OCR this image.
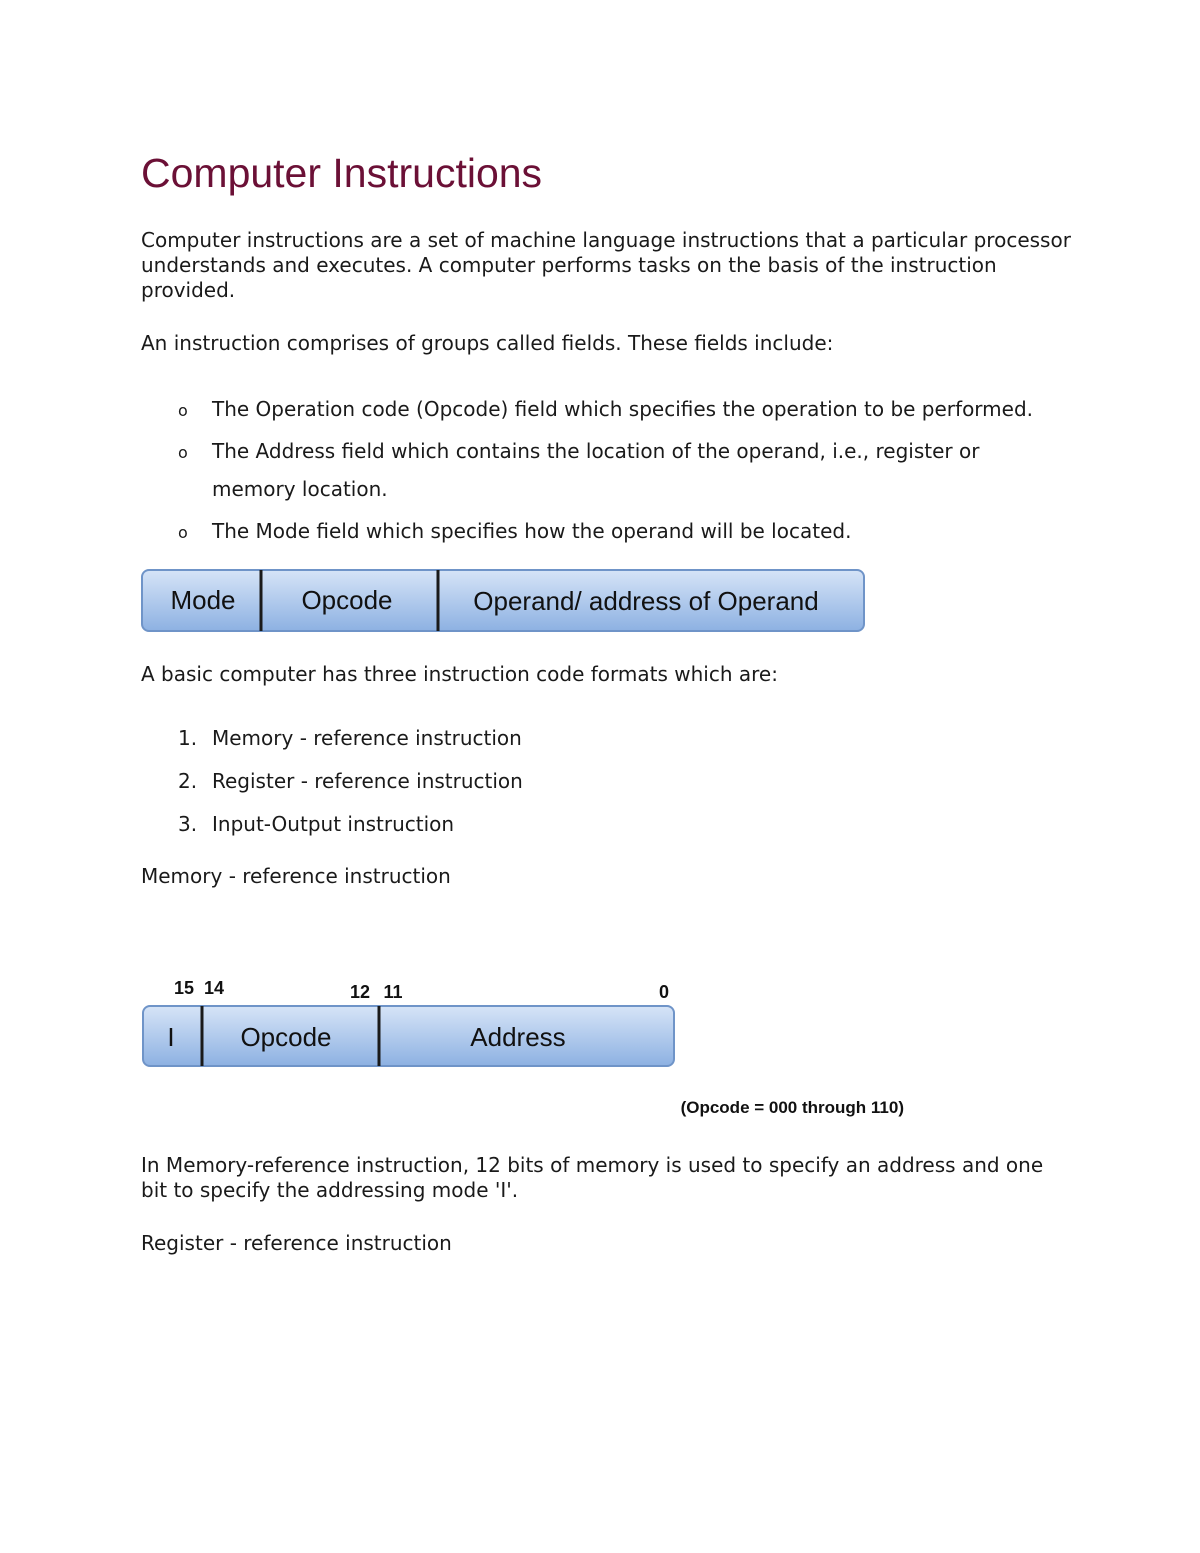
Computer Instructions

Computer instructions are a set of machine language instructions that a particular processor understands and executes. A computer performs tasks on the basis of the instruction provided.

An instruction comprises of groups called fields. These fields include:

o The Operation code (Opcode) field which specifies the operation to be performed.
o The Address field which contains the location of the operand, i.e., register or memory location.
o The Mode field which specifies how the operand will be located.
Mode	Opcode	Operand/ address of Operand

A basic computer has three instruction code formats which are:

1. Memory - reference instruction
2. Register - reference instruction
3. Input-Output instruction

Memory - reference instruction

15 14	12 11	0
I	Opcode	Address
(Opcode = 000 through 110)

In Memory-reference instruction, 12 bits of memory is used to specify an address and one bit to specify the addressing mode 'I'.

Register - reference instruction
